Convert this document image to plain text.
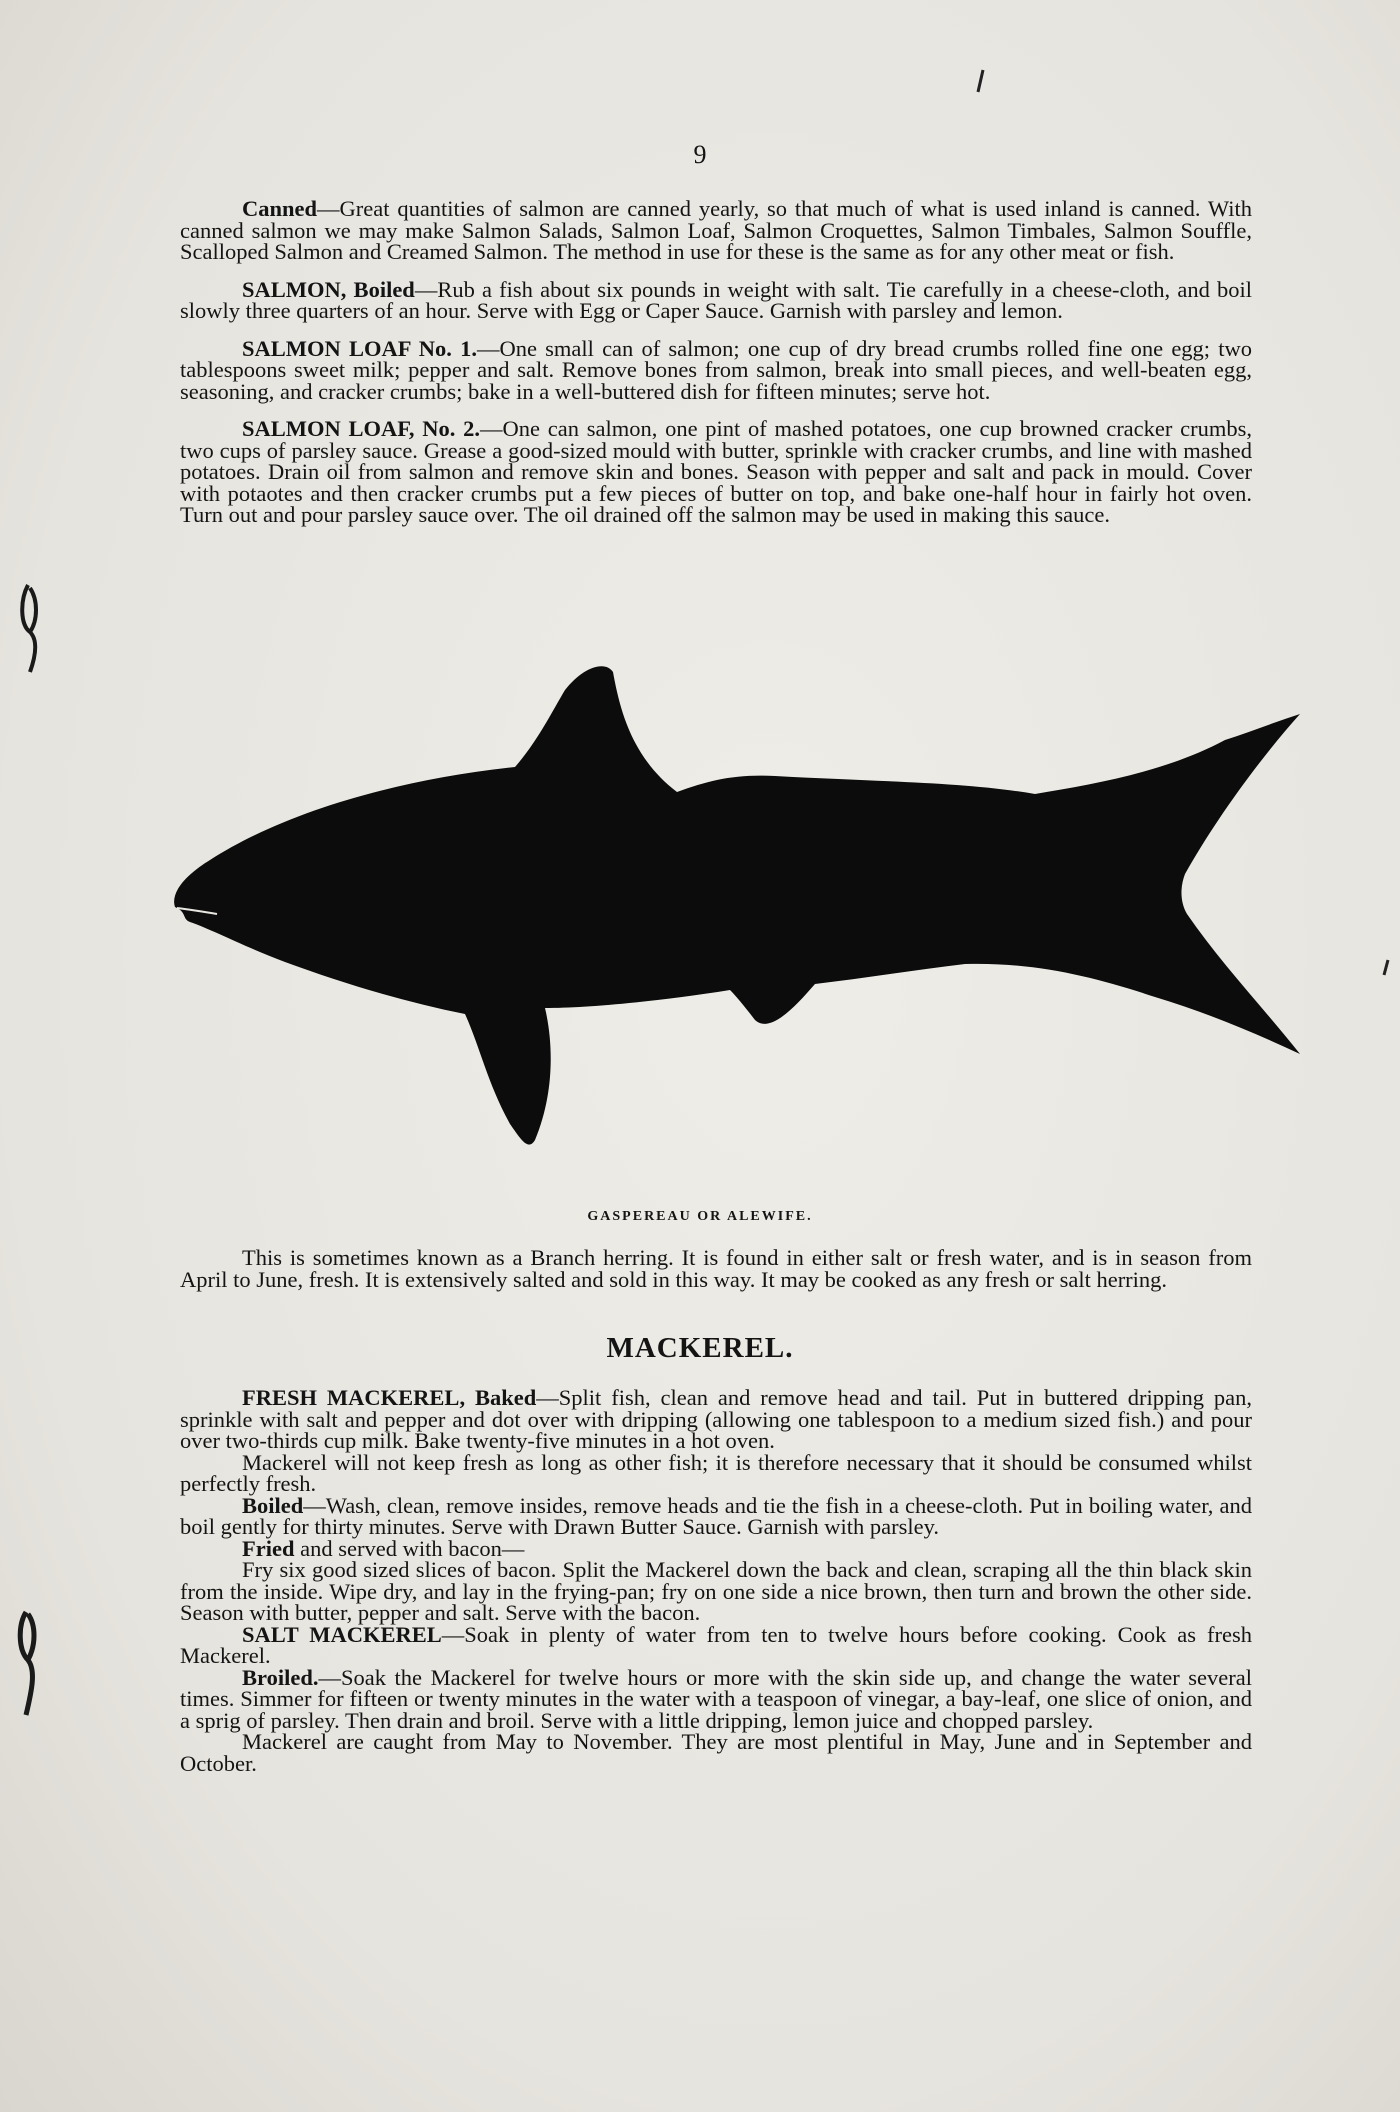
9

Canned—Great quantities of salmon are canned yearly, so that much of what is used inland is canned. With canned salmon we may make Salmon Salads, Salmon Loaf, Salmon Croquettes, Salmon Timbales, Salmon Souffle, Scalloped Salmon and Creamed Salmon. The method in use for these is the same as for any other meat or fish.

SALMON, Boiled—Rub a fish about six pounds in weight with salt. Tie carefully in a cheese-cloth, and boil slowly three quarters of an hour. Serve with Egg or Caper Sauce. Garnish with parsley and lemon.

SALMON LOAF No. 1.—One small can of salmon; one cup of dry bread crumbs rolled fine one egg; two tablespoons sweet milk; pepper and salt. Remove bones from salmon, break into small pieces, and well-beaten egg, seasoning, and cracker crumbs; bake in a well-buttered dish for fifteen minutes; serve hot.

SALMON LOAF, No. 2.—One can salmon, one pint of mashed potatoes, one cup browned cracker crumbs, two cups of parsley sauce. Grease a good-sized mould with butter, sprinkle with cracker crumbs, and line with mashed potatoes. Drain oil from salmon and remove skin and bones. Season with pepper and salt and pack in mould. Cover with potaotes and then cracker crumbs put a few pieces of butter on top, and bake one-half hour in fairly hot oven. Turn out and pour parsley sauce over. The oil drained off the salmon may be used in making this sauce.

GASPEREAU OR ALEWIFE.

This is sometimes known as a Branch herring. It is found in either salt or fresh water, and is in season from April to June, fresh. It is extensively salted and sold in this way. It may be cooked as any fresh or salt herring.

MACKEREL.

FRESH MACKEREL, Baked—Split fish, clean and remove head and tail. Put in buttered dripping pan, sprinkle with salt and pepper and dot over with dripping (allowing one tablespoon to a medium sized fish.) and pour over two-thirds cup milk. Bake twenty-five minutes in a hot oven.

Mackerel will not keep fresh as long as other fish; it is therefore necessary that it should be consumed whilst perfectly fresh.

Boiled—Wash, clean, remove insides, remove heads and tie the fish in a cheese-cloth. Put in boiling water, and boil gently for thirty minutes. Serve with Drawn Butter Sauce. Garnish with parsley.

Fried and served with bacon—

Fry six good sized slices of bacon. Split the Mackerel down the back and clean, scraping all the thin black skin from the inside. Wipe dry, and lay in the frying-pan; fry on one side a nice brown, then turn and brown the other side. Season with butter, pepper and salt. Serve with the bacon.

SALT MACKEREL—Soak in plenty of water from ten to twelve hours before cooking. Cook as fresh Mackerel.

Broiled.—Soak the Mackerel for twelve hours or more with the skin side up, and change the water several times. Simmer for fifteen or twenty minutes in the water with a teaspoon of vinegar, a bay-leaf, one slice of onion, and a sprig of parsley. Then drain and broil. Serve with a little dripping, lemon juice and chopped parsley.

Mackerel are caught from May to November. They are most plentiful in May, June and in September and October.
